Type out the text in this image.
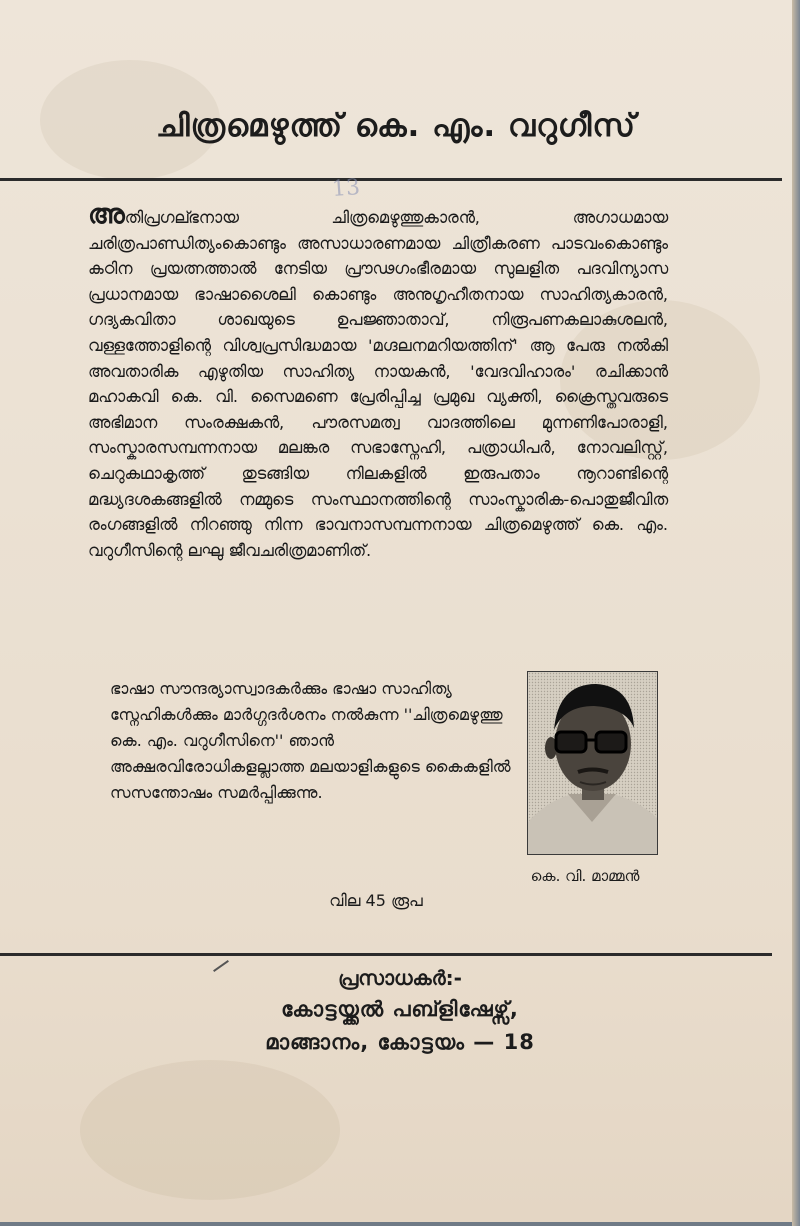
ചിത്രമെഴുത്ത് കെ. എം. വറുഗീസ്
13
അതിപ്രഗല്ഭനായ ചിത്രമെഴുത്തുകാരൻ, അഗാധമായ ചരിത്രപാണ്ഡിത്യംകൊണ്ടും അസാധാരണമായ ചിത്രീകരണ പാടവംകൊണ്ടും കഠിന പ്രയത്നത്താൽ നേടിയ പ്രൗഢഗംഭീരമായ സുലളിത പദവിന്യാസ പ്രധാനമായ ഭാഷാശൈലി കൊണ്ടും അനുഗൃഹീതനായ സാഹിത്യകാരൻ, ഗദ്യകവിതാ ശാഖയുടെ ഉപജ്ഞാതാവ്, നിരൂപണകലാകുശലൻ, വള്ളത്തോളിന്റെ വിശ്വപ്രസിദ്ധമായ 'മഗ്ദലനമറിയത്തിന്' ആ പേരു നൽകി അവതാരിക എഴുതിയ സാഹിത്യ നായകൻ, 'വേദവിഹാരം' രചിക്കാൻ മഹാകവി കെ. വി. സൈമണെ പ്രേരിപ്പിച്ച പ്രമുഖ വ്യക്തി, ക്രൈസ്തവരുടെ അഭിമാന സംരക്ഷകൻ, പൗരസമത്വ വാദത്തിലെ മുന്നണിപോരാളി, സംസ്കാരസമ്പന്നനായ മലങ്കര സഭാസ്നേഹി, പത്രാധിപർ, നോവലിസ്റ്റ്, ചെറുകഥാകൃത്ത് തുടങ്ങിയ നിലകളിൽ ഇരുപതാം നൂറാണ്ടിന്റെ മദ്ധ്യദശകങ്ങളിൽ നമ്മുടെ സംസ്ഥാനത്തിന്റെ സാംസ്കാരിക-പൊതുജീവിത രംഗങ്ങളിൽ നിറഞ്ഞു നിന്ന ഭാവനാസമ്പന്നനായ ചിത്രമെഴുത്ത് കെ. എം. വറുഗീസിന്റെ ലഘു ജീവചരിത്രമാണിത്.
ഭാഷാ സൗന്ദര്യാസ്വാദകർക്കും ഭാഷാ സാഹിത്യ സ്നേഹികൾക്കും മാർഗ്ഗദർശനം നൽകുന്ന ''ചിത്രമെഴുത്തു കെ. എം. വറുഗീസിനെ'' ഞാൻ അക്ഷരവിരോധികളല്ലാത്ത മലയാളികളുടെ കൈകളിൽ സസന്തോഷം സമർപ്പിക്കുന്നു.
കെ. വി. മാമ്മൻ
വില 45 രൂപ
പ്രസാധകർ:-
കോട്ടയ്ക്കൽ പബ്ളിഷേഴ്സ്,
മാങ്ങാനം, കോട്ടയം — 18
